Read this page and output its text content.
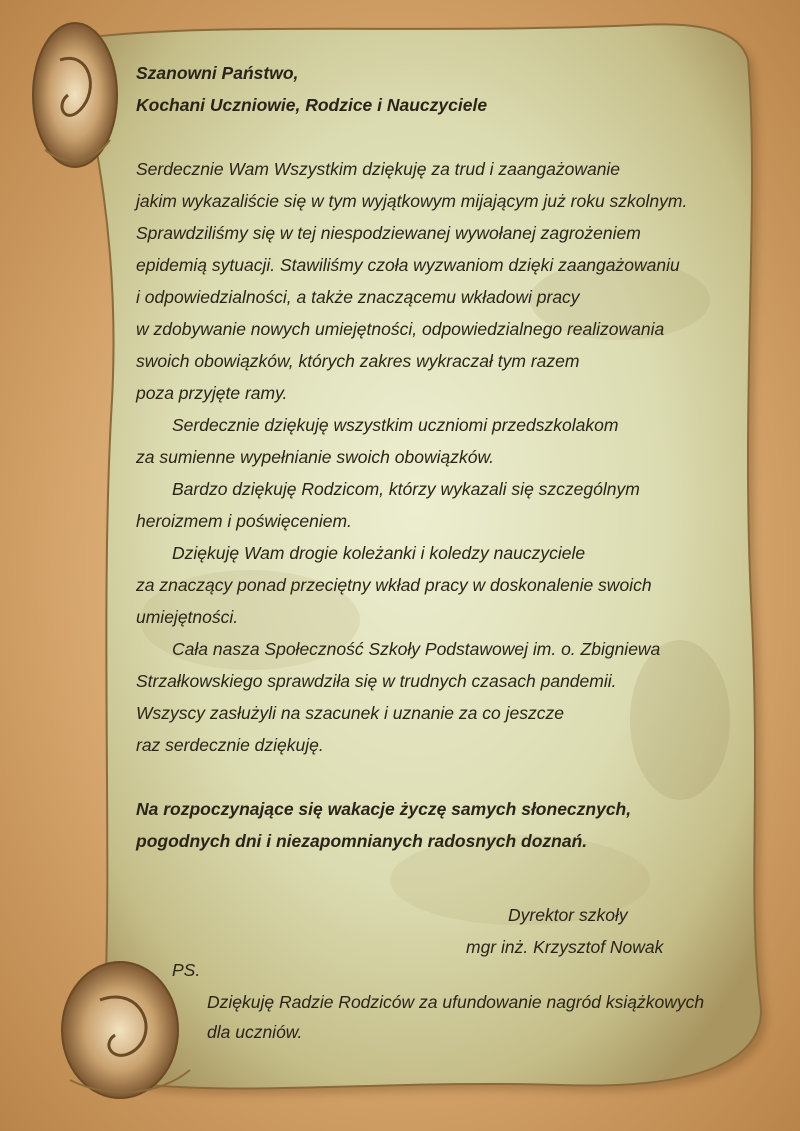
Szanowni Państwo,
Kochani Uczniowie, Rodzice i Nauczyciele
Serdecznie Wam Wszystkim dziękuję za trud i zaangażowanie
jakim wykazaliście się w tym wyjątkowym mijającym już roku szkolnym.
Sprawdziliśmy się w tej niespodziewanej wywołanej zagrożeniem
epidemią sytuacji. Stawiliśmy czoła wyzwaniom dzięki zaangażowaniu
i odpowiedzialności, a także znaczącemu wkładowi pracy
w zdobywanie nowych umiejętności, odpowiedzialnego realizowania
swoich obowiązków, których zakres wykraczał tym razem
poza przyjęte ramy.
Serdecznie dziękuję wszystkim uczniomi przedszkolakom
za sumienne wypełnianie swoich obowiązków.
Bardzo dziękuję Rodzicom, którzy wykazali się szczególnym
heroizmem i poświęceniem.
Dziękuję Wam drogie koleżanki i koledzy nauczyciele
za znaczący ponad przeciętny wkład pracy w doskonalenie swoich
umiejętności.
Cała nasza Społeczność Szkoły Podstawowej im. o. Zbigniewa
Strzałkowskiego sprawdziła się w trudnych czasach pandemii.
Wszyscy zasłużyli na szacunek i uznanie za co jeszcze
raz serdecznie dziękuję.
Na rozpoczynające się wakacje życzę samych słonecznych,
pogodnych dni i niezapomnianych radosnych doznań.
Dyrektor szkoły
mgr inż. Krzysztof Nowak
PS.
Dziękuję Radzie Rodziców za ufundowanie nagród książkowych
dla uczniów.
